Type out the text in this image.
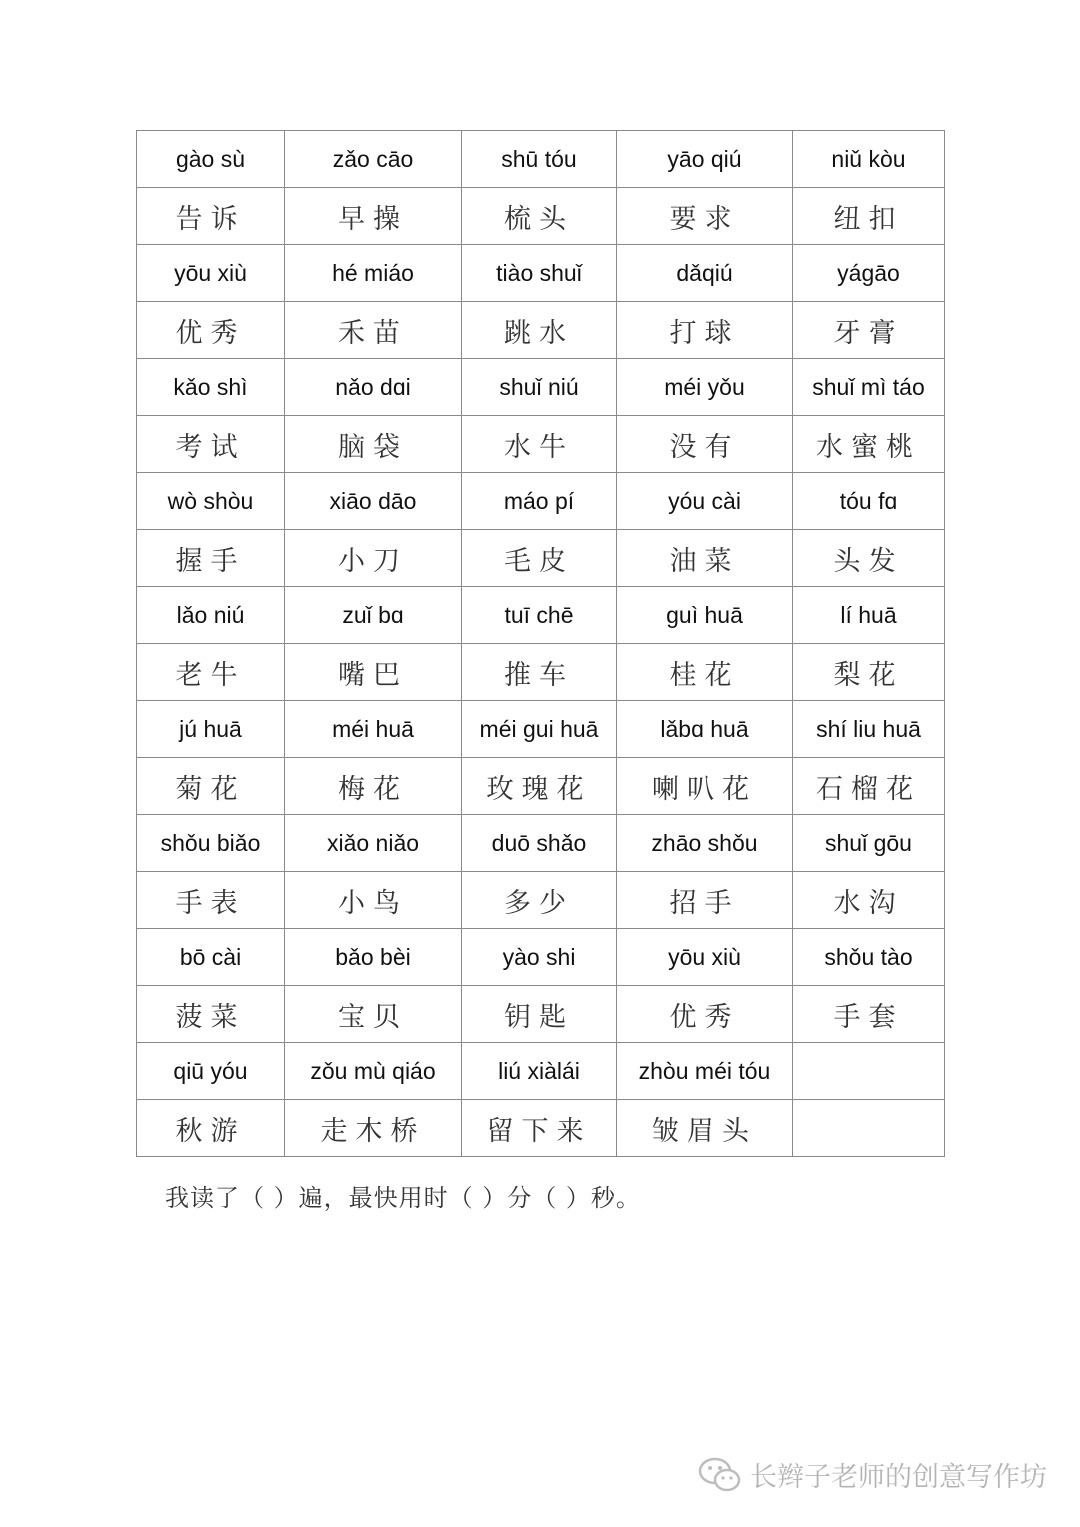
gào sù	zǎo cāo	shū tóu	yāo qiú	niǔ kòu
告诉	早操	梳头	要求	纽扣
yōu xiù	hé miáo	tiào shuǐ	dǎqiú	yágāo
优秀	禾苗	跳水	打球	牙膏
kǎo shì	nǎo dɑi	shuǐ niú	méi yǒu	shuǐ mì táo
考试	脑袋	水牛	没有	水蜜桃
wò shòu	xiāo dāo	máo pí	yóu cài	tóu fɑ
握手	小刀	毛皮	油菜	头发
lǎo niú	zuǐ bɑ	tuī chē	guì huā	lí huā
老牛	嘴巴	推车	桂花	梨花
jú huā	méi huā	méi gui huā	lǎbɑ huā	shí liu huā
菊花	梅花	玫瑰花	喇叭花	石榴花
shǒu biǎo	xiǎo niǎo	duō shǎo	zhāo shǒu	shuǐ gōu
手表	小鸟	多少	招手	水沟
bō cài	bǎo bèi	yào shi	yōu xiù	shǒu tào
菠菜	宝贝	钥匙	优秀	手套
qiū yóu	zǒu mù qiáo	liú xiàlái	zhòu méi tóu	
秋游	走木桥	留下来	皱眉头	
我读了（ ）遍，最快用时（ ）分（ ）秒。
长辫子老师的创意写作坊
